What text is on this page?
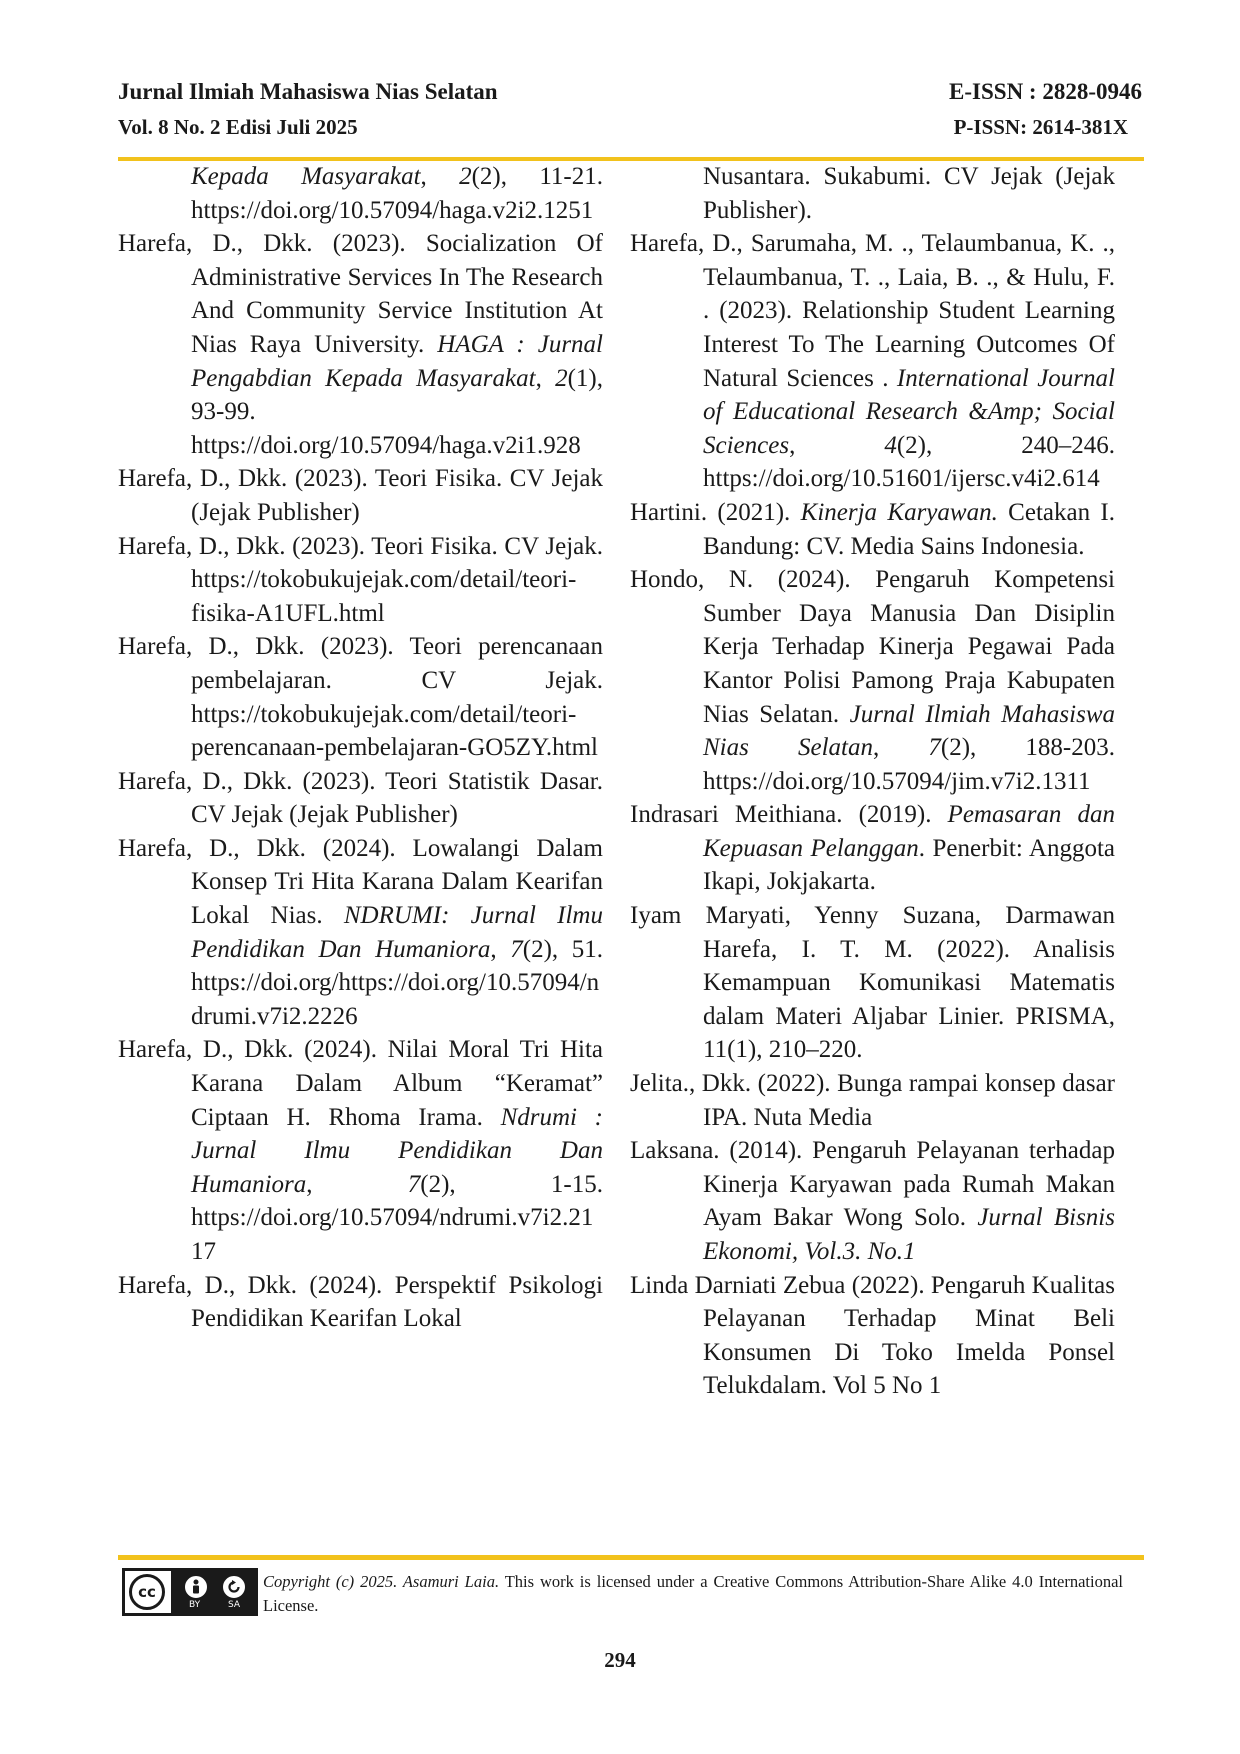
Jurnal Ilmiah Mahasiswa Nias Selatan
Vol. 8 No. 2 Edisi Juli 2025
E-ISSN : 2828-0946
P-ISSN: 2614-381X

Kepada Masyarakat, 2(2), 11-21. https://doi.org/10.57094/haga.v2i2.1251

Harefa, D., Dkk. (2023). Socialization Of Administrative Services In The Research And Community Service Institution At Nias Raya University. HAGA : Jurnal Pengabdian Kepada Masyarakat, 2(1), 93-99. https://doi.org/10.57094/haga.v2i1.928

Harefa, D., Dkk. (2023). Teori Fisika. CV Jejak (Jejak Publisher)

Harefa, D., Dkk. (2023). Teori Fisika. CV Jejak. https://tokobukujejak.com/detail/teori-fisika-A1UFL.html

Harefa, D., Dkk. (2023). Teori perencanaan pembelajaran. CV Jejak. https://tokobukujejak.com/detail/teori-perencanaan-pembelajaran-GO5ZY.html

Harefa, D., Dkk. (2023). Teori Statistik Dasar. CV Jejak (Jejak Publisher)

Harefa, D., Dkk. (2024). Lowalangi Dalam Konsep Tri Hita Karana Dalam Kearifan Lokal Nias. NDRUMI: Jurnal Ilmu Pendidikan Dan Humaniora, 7(2), 51. https://doi.org/https://doi.org/10.57094/ndrumi.v7i2.2226

Harefa, D., Dkk. (2024). Nilai Moral Tri Hita Karana Dalam Album “Keramat” Ciptaan H. Rhoma Irama. Ndrumi : Jurnal Ilmu Pendidikan Dan Humaniora, 7(2), 1-15. https://doi.org/10.57094/ndrumi.v7i2.2117

Harefa, D., Dkk. (2024). Perspektif Psikologi Pendidikan Kearifan Lokal

Nusantara. Sukabumi. CV Jejak (Jejak Publisher).

Harefa, D., Sarumaha, M. ., Telaumbanua, K. ., Telaumbanua, T. ., Laia, B. ., & Hulu, F. . (2023). Relationship Student Learning Interest To The Learning Outcomes Of Natural Sciences . International Journal of Educational Research &Amp; Social Sciences, 4(2), 240–246. https://doi.org/10.51601/ijersc.v4i2.614

Hartini. (2021). Kinerja Karyawan. Cetakan I. Bandung: CV. Media Sains Indonesia.

Hondo, N. (2024). Pengaruh Kompetensi Sumber Daya Manusia Dan Disiplin Kerja Terhadap Kinerja Pegawai Pada Kantor Polisi Pamong Praja Kabupaten Nias Selatan. Jurnal Ilmiah Mahasiswa Nias Selatan, 7(2), 188-203. https://doi.org/10.57094/jim.v7i2.1311

Indrasari Meithiana. (2019). Pemasaran dan Kepuasan Pelanggan. Penerbit: Anggota Ikapi, Jokjakarta.

Iyam Maryati, Yenny Suzana, Darmawan Harefa, I. T. M. (2022). Analisis Kemampuan Komunikasi Matematis dalam Materi Aljabar Linier. PRISMA, 11(1), 210–220.

Jelita., Dkk. (2022). Bunga rampai konsep dasar IPA. Nuta Media

Laksana. (2014). Pengaruh Pelayanan terhadap Kinerja Karyawan pada Rumah Makan Ayam Bakar Wong Solo. Jurnal Bisnis Ekonomi, Vol.3. No.1

Linda Darniati Zebua (2022). Pengaruh Kualitas Pelayanan Terhadap Minat Beli Konsumen Di Toko Imelda Ponsel Telukdalam. Vol 5 No 1

cc
BY	SA
Copyright (c) 2025. Asamuri Laia. This work is licensed under a Creative Commons Attribution-Share Alike 4.0 International License.
294
